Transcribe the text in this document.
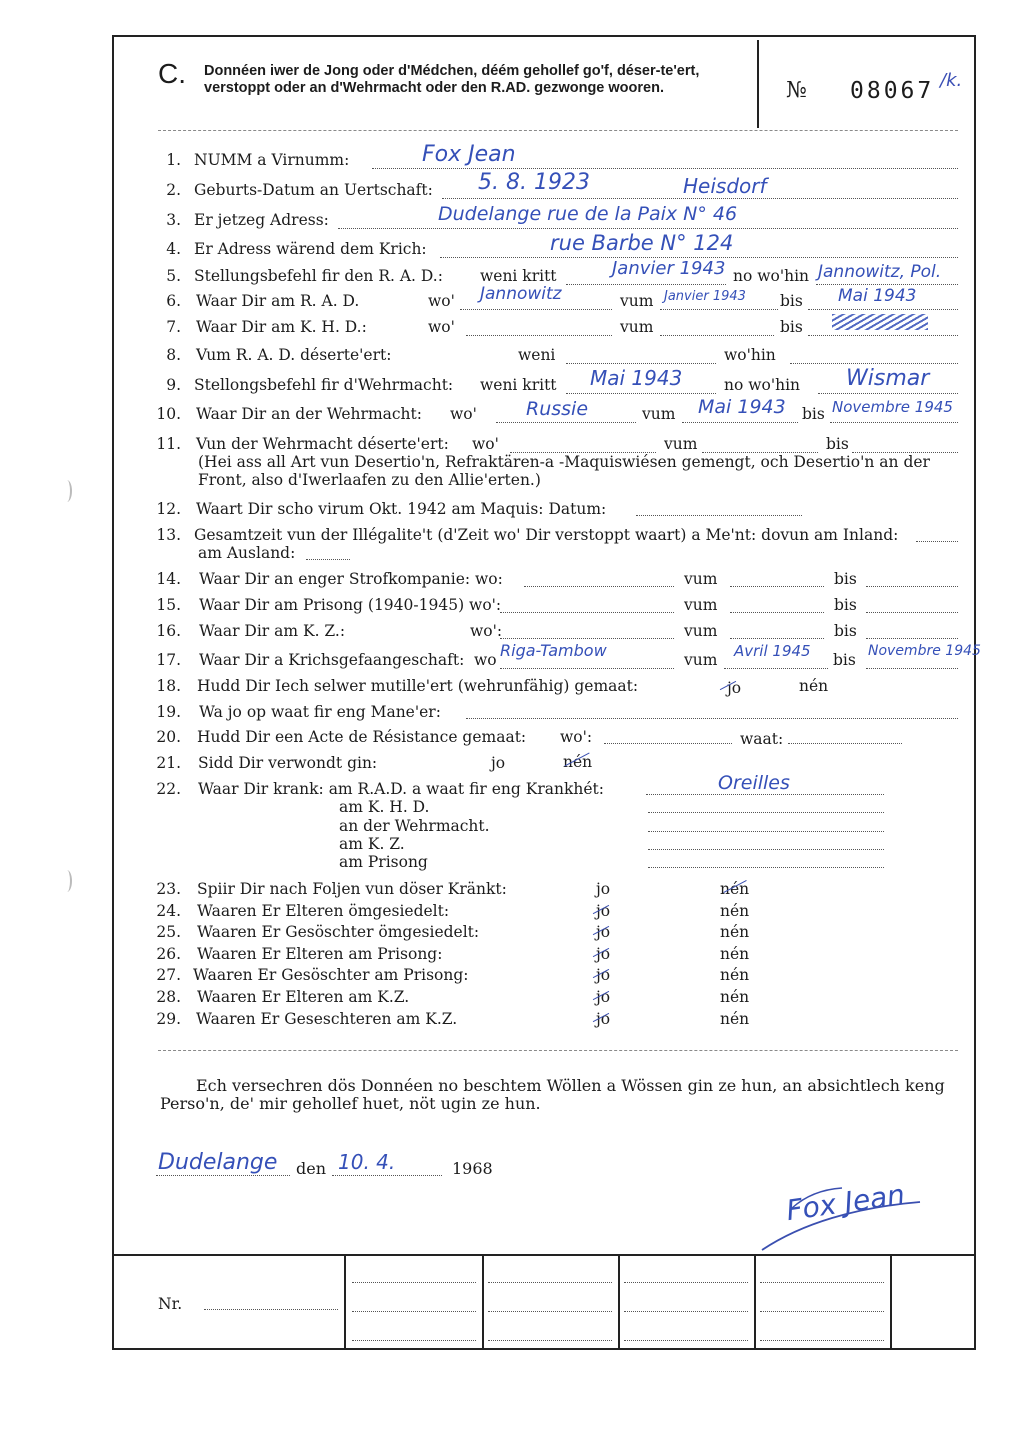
C. Donnéen iwer de Jong oder d'Médchen, déém gehollef go'f, déser-te'ert, verstoppt oder an d'Wehrmacht oder den R.AD. gezwonge wooren.	№ 08067 /k.
1. NUMM a Virnumm:	Fox Jean
2. Geburts-Datum an Uertschaft: 5. 8. 1923	Heisdorf
3. Er jetzeg Adress:	Dudelange rue de la Paix N° 46
4. Er Adress wärend dem Krich:	rue Barbe N° 124
5. Stellungsbefehl fir den R. A. D.: weni kritt	Janvier 1943 no wo'hin Jannowitz, Pol.
6. Waar Dir am R. A. D.	wo' Jannowitz	vum Janvier 1943 bis Mai 1943
7. Waar Dir am K. H. D.:	wo'	vum	bis
8. Vum R. A. D. déserte'ert:	weni	wo'hin
9. Stellongsbefehl fir d'Wehrmacht: weni kritt Mai 1943	no wo'hin Wismar
10. Waar Dir an der Wehrmacht: wo'	Russie	vum Mai 1943 bis Novembre 1945
11. Vun der Wehrmacht déserte'ert: wo'	vum	bis
(Hei ass all Art vun Desertio'n, Refraktären-a -Maquiswiésen gemengt, och Desertio'n an der
Front, also d'Iwerlaafen zu den Allie'erten.)
12. Waart Dir scho virum Okt. 1942 am Maquis: Datum:
13. Gesamtzeit vun der Illégalite't (d'Zeit wo' Dir verstoppt waart) a Me'nt: dovun am Inland:
am Ausland:
14. Waar Dir an enger Strofkompanie: wo:	vum	bis
15. Waar Dir am Prisong (1940-1945) wo':	vum	bis
16. Waar Dir am K. Z.:	wo':	vum	bis
17. Waar Dir a Krichsgefaangeschaft: wo Riga-Tambow	vum Avril 1945 bis Novembre 1945
18. Hudd Dir Iech selwer mutille'ert (wehrunfähig) gemaat:	jo	nén
19. Wa jo op waat fir eng Mane'er:
20. Hudd Dir een Acte de Résistance gemaat: wo':	waat:
21. Sidd Dir verwondt gin:	jo	nén
22. Waar Dir krank: am R.A.D. a waat fir eng Krankhét:	Oreilles
am K. H. D.
an der Wehrmacht.
am K. Z.
am Prisong
23. Spiir Dir nach Foljen vun döser Kränkt:	jo	nén
24. Waaren Er Elteren ömgesiedelt:	jo	nén
25. Waaren Er Gesöschter ömgesiedelt:	jo	nén
26. Waaren Er Elteren am Prisong:	jo	nén
27. Waaren Er Gesöschter am Prisong:	jo	nén
28. Waaren Er Elteren am K.Z.	jo	nén
29. Waaren Er Geseschteren am K.Z.	jo	nén
Ech versechren dös Donnéen no beschtem Wöllen a Wössen gin ze hun, an absichtlech keng
Perso'n, de' mir gehollef huet, nöt ugin ze hun.
Dudelange den 10. 4.	1968
Fox Jean
Nr.
